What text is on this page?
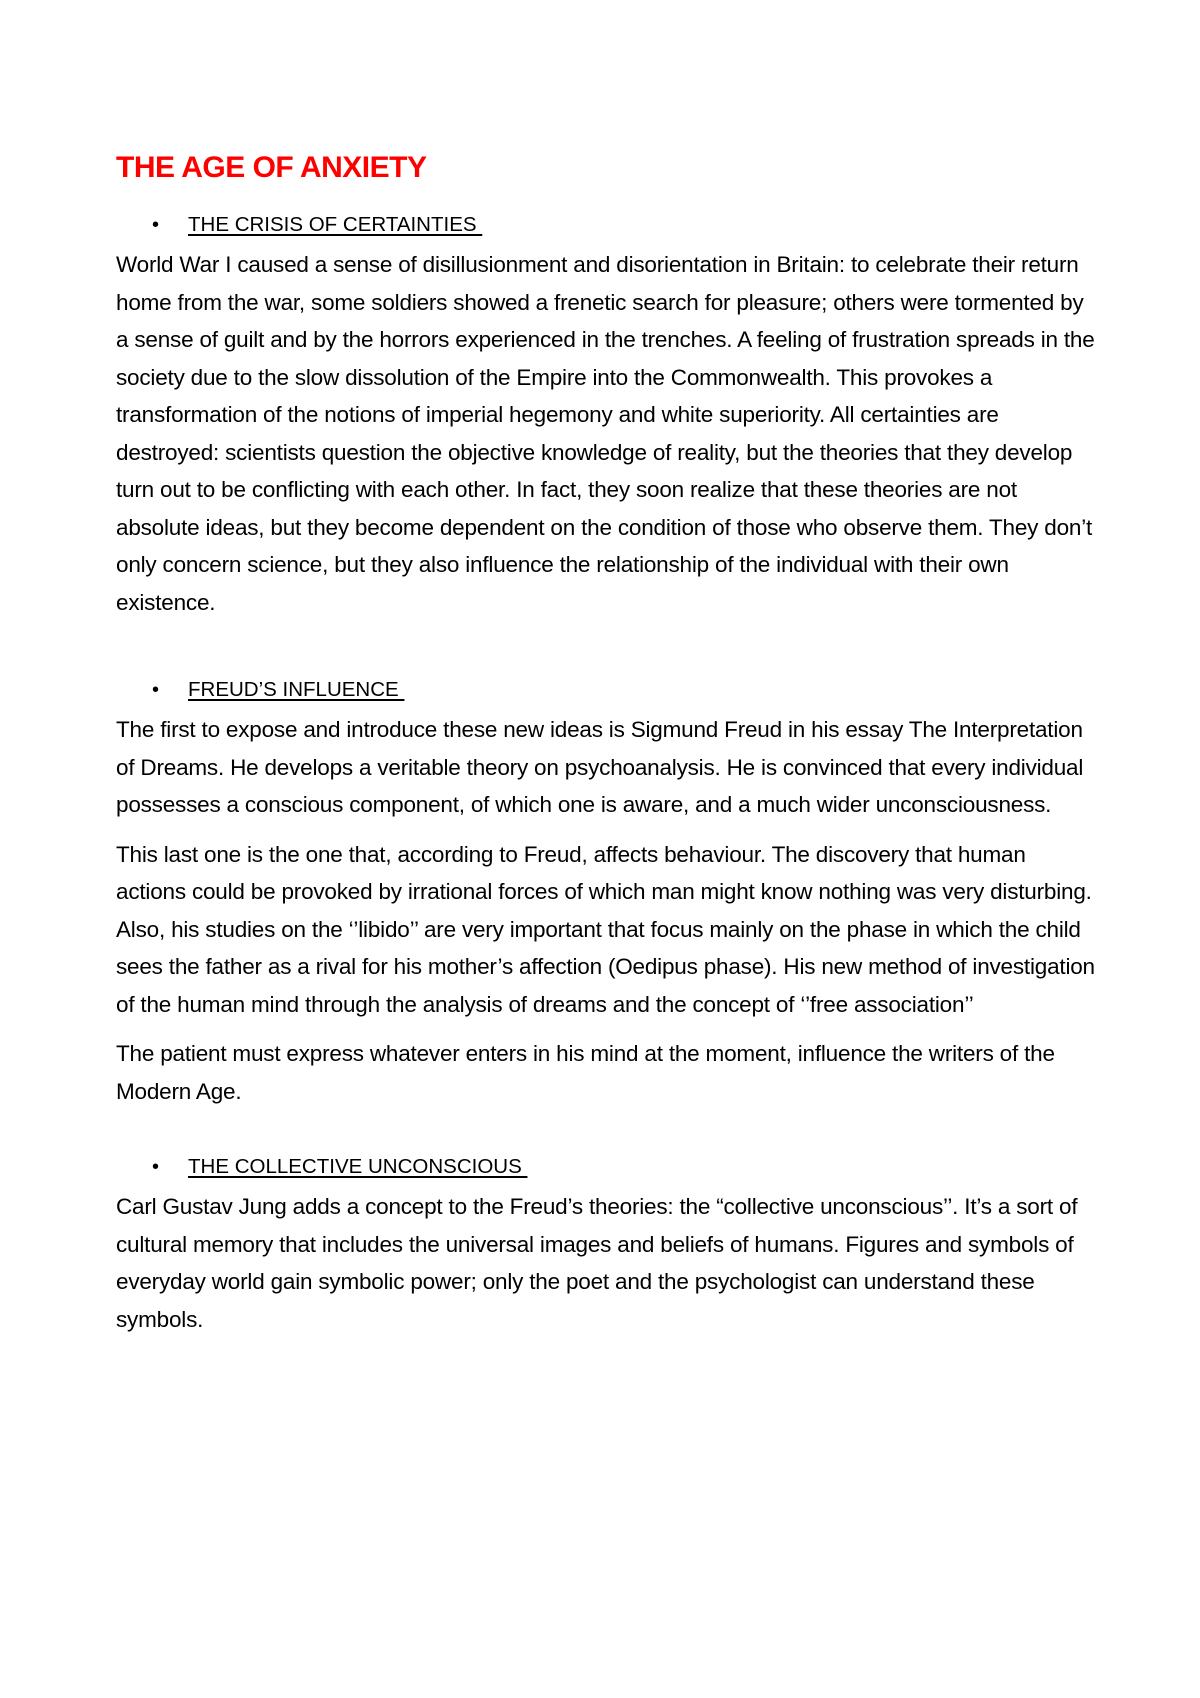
THE AGE OF ANXIETY
• THE CRISIS OF CERTAINTIES

World War I caused a sense of disillusionment and disorientation in Britain: to celebrate their return home from the war, some soldiers showed a frenetic search for pleasure; others were tormented by a sense of guilt and by the horrors experienced in the trenches. A feeling of frustration spreads in the society due to the slow dissolution of the Empire into the Commonwealth. This provokes a transformation of the notions of imperial hegemony and white superiority. All certainties are destroyed: scientists question the objective knowledge of reality, but the theories that they develop turn out to be conflicting with each other. In fact, they soon realize that these theories are not absolute ideas, but they become dependent on the condition of those who observe them. They don’t only concern science, but they also influence the relationship of the individual with their own existence.

• FREUD’S INFLUENCE

The first to expose and introduce these new ideas is Sigmund Freud in his essay The Interpretation of Dreams. He develops a veritable theory on psychoanalysis. He is convinced that every individual possesses a conscious component, of which one is aware, and a much wider unconsciousness.

This last one is the one that, according to Freud, affects behaviour. The discovery that human actions could be provoked by irrational forces of which man might know nothing was very disturbing. Also, his studies on the ‘’libido’’ are very important that focus mainly on the phase in which the child sees the father as a rival for his mother’s affection (Oedipus phase). His new method of investigation of the human mind through the analysis of dreams and the concept of ‘’free association’’

The patient must express whatever enters in his mind at the moment, influence the writers of the Modern Age.

• THE COLLECTIVE UNCONSCIOUS

Carl Gustav Jung adds a concept to the Freud’s theories: the “collective unconscious’’. It’s a sort of cultural memory that includes the universal images and beliefs of humans. Figures and symbols of everyday world gain symbolic power; only the poet and the psychologist can understand these symbols.
